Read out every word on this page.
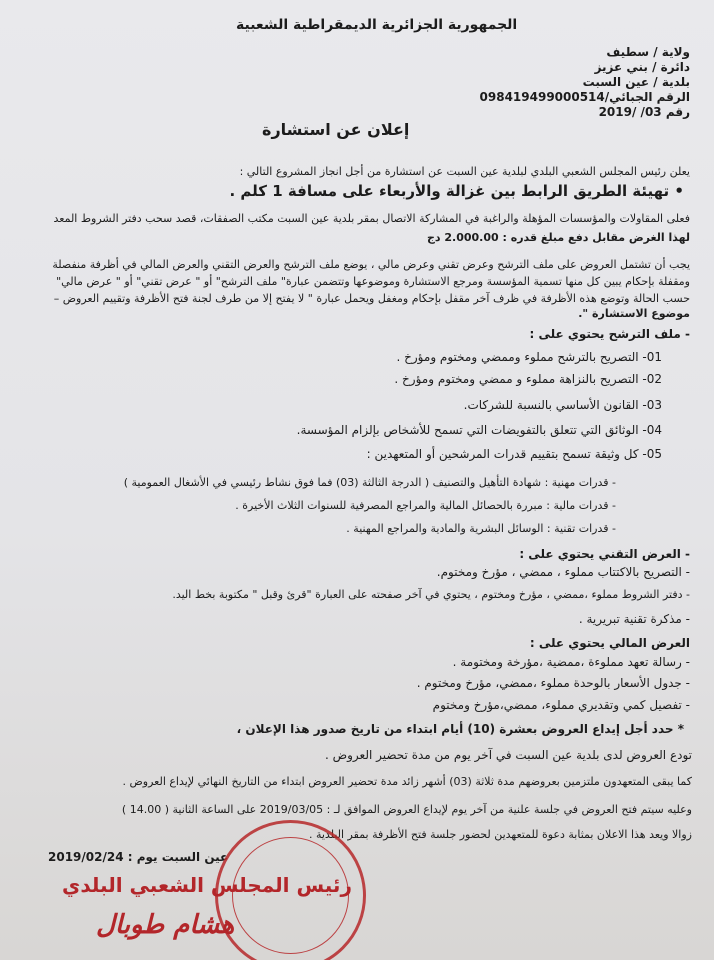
الجمهورية الجزائرية الديمقراطية الشعبية
ولاية / سطيف
دائرة / بني عزيز
بلدية / عين السبت
الرقم الجبائي/098419499000514
رقم 03/ /2019
إعلان عن استشارة
يعلن رئيس المجلس الشعبي البلدي لبلدية عين السبت عن استشارة من أجل انجاز المشروع التالي :
• تهيئة الطريق الرابط بين غزالة والأربعاء على مسافة 1 كلم .
فعلى المقاولات والمؤسسات المؤهلة والراغبة في المشاركة الاتصال بمقر بلدية عين السبت مكتب الصفقات، قصد سحب دفتر الشروط المعد
لهذا الغرض مقابل دفع مبلغ قدره : 2.000.00 دج
يجب أن تشتمل العروض على ملف الترشح وعرض تقني وعرض مالي ، يوضع ملف الترشح والعرض التقني والعرض المالي في أظرفة منفصلة
ومقفلة بإحكام يبين كل منها تسمية المؤسسة ومرجع الاستشارة وموضوعها وتتضمن عبارة" ملف الترشح" أو " عرض تقني" أو " عرض مالي"
حسب الحالة وتوضع هذه الأظرفة في ظرف آخر مقفل بإحكام ومغفل ويحمل عبارة " لا يفتح إلا من طرف لجنة فتح الأظرفة وتقييم العروض –
موضوع الاستشارة ".
- ملف الترشح يحتوي على :
01- التصريح بالترشح مملوء وممضي ومختوم ومؤرخ .
02- التصريح بالنزاهة مملوء و ممضي ومختوم ومؤرخ .
03- القانون الأساسي بالنسبة للشركات.
04- الوثائق التي تتعلق بالتفويضات التي تسمح للأشخاص بإلزام المؤسسة.
05- كل وثيقة تسمح بتقييم قدرات المرشحين أو المتعهدين :
- قدرات مهنية : شهادة التأهيل والتصنيف ( الدرجة الثالثة (03) فما فوق نشاط رئيسي في الأشغال العمومية )
- قدرات مالية : مبررة بالحصائل المالية والمراجع المصرفية للسنوات الثلاث الأخيرة .
- قدرات تقنية : الوسائل البشرية والمادية والمراجع المهنية .
- العرض التقني يحتوي على :
- التصريح بالاكتتاب مملوء ، ممضي ، مؤرخ ومختوم.
- دفتر الشروط مملوء ،ممضي ، مؤرخ ومختوم ، يحتوي في آخر صفحته على العبارة "قرئ وقبل " مكتوبة بخط اليد.
- مذكرة تقنية تبريرية .
العرض المالي يحتوي على :
- رسالة تعهد مملوءة ،ممضية ،مؤرخة ومختومة .
- جدول الأسعار بالوحدة مملوء ،ممضي، مؤرخ ومختوم .
- تفصيل كمي وتقديري مملوء، ممضي،مؤرخ ومختوم
* حدد أجل إيداع العروض بعشرة (10) أيام ابتداء من تاريخ صدور هذا الإعلان ،
تودع العروض لدى بلدية عين السبت في آخر يوم من مدة تحضير العروض .
كما يبقى المتعهدون ملتزمين بعروضهم مدة ثلاثة (03) أشهر زائد مدة تحضير العروض ابتداء من التاريخ النهائي لإيداع العروض .
وعليه سيتم فتح العروض في جلسة علنية من آخر يوم لإيداع العروض الموافق لـ : 2019/03/05 على الساعة الثانية ( 14.00 )
زوالا ويعد هذا الاعلان بمثابة دعوة للمتعهدين لحضور جلسة فتح الأظرفة بمقر البلدية .
عين السبت يوم : 2019/02/24
رئيس المجلس الشعبي البلدي
هشام طوبال
